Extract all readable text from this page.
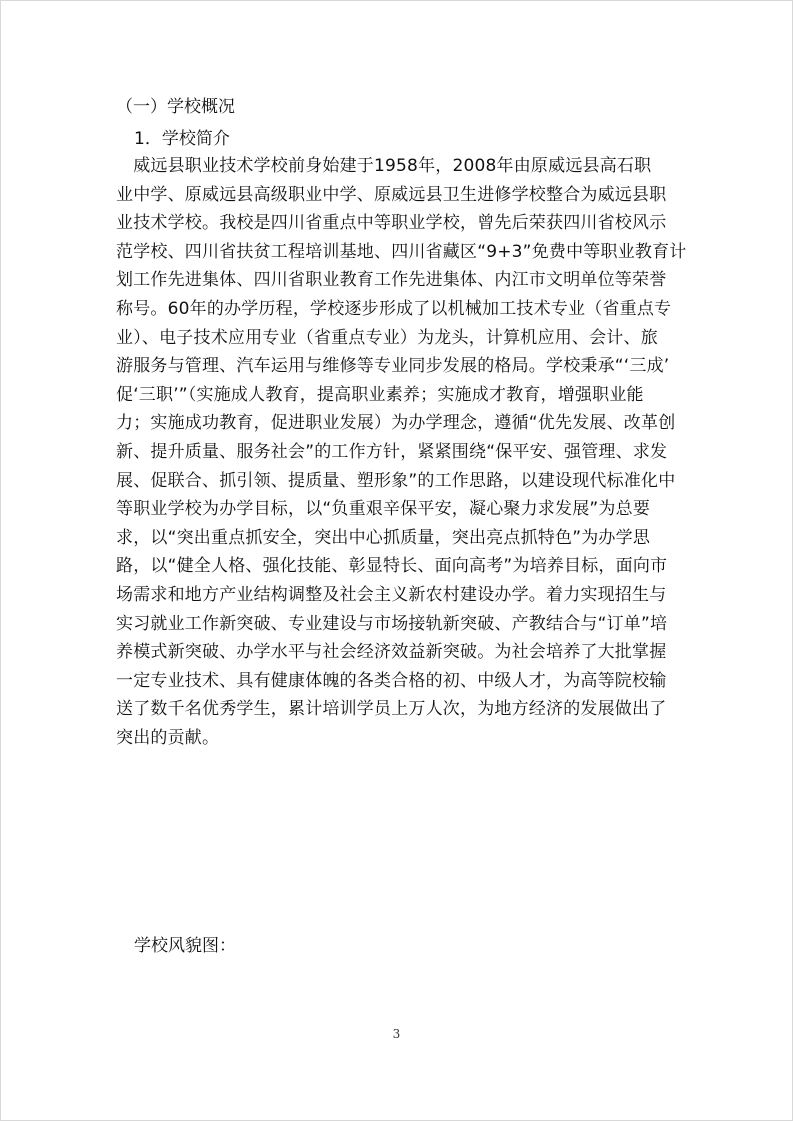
（一）学校概况
1．学校简介

　威远县职业技术学校前身始建于1958年，2008年由原威远县高石职
业中学、原威远县高级职业中学、原威远县卫生进修学校整合为威远县职
业技术学校。我校是四川省重点中等职业学校，曾先后荣获四川省校风示
范学校、四川省扶贫工程培训基地、四川省藏区“9+3”免费中等职业教育计
划工作先进集体、四川省职业教育工作先进集体、内江市文明单位等荣誉
称号。60年的办学历程，学校逐步形成了以机械加工技术专业（省重点专
业）、电子技术应用专业（省重点专业）为龙头，计算机应用、会计、旅
游服务与管理、汽车运用与维修等专业同步发展的格局。学校秉承“‘三成’
促‘三职’”（实施成人教育，提高职业素养；实施成才教育，增强职业能
力；实施成功教育，促进职业发展）为办学理念，遵循“优先发展、改革创
新、提升质量、服务社会”的工作方针，紧紧围绕“保平安、强管理、求发
展、促联合、抓引领、提质量、塑形象”的工作思路，以建设现代标准化中
等职业学校为办学目标，以“负重艰辛保平安，凝心聚力求发展”为总要
求，以“突出重点抓安全，突出中心抓质量，突出亮点抓特色”为办学思
路，以“健全人格、强化技能、彰显特长、面向高考”为培养目标，面向市
场需求和地方产业结构调整及社会主义新农村建设办学。着力实现招生与
实习就业工作新突破、专业建设与市场接轨新突破、产教结合与“订单”培
养模式新突破、办学水平与社会经济效益新突破。为社会培养了大批掌握
一定专业技术、具有健康体魄的各类合格的初、中级人才，为高等院校输
送了数千名优秀学生，累计培训学员上万人次，为地方经济的发展做出了
突出的贡献。

学校风貌图：
3
